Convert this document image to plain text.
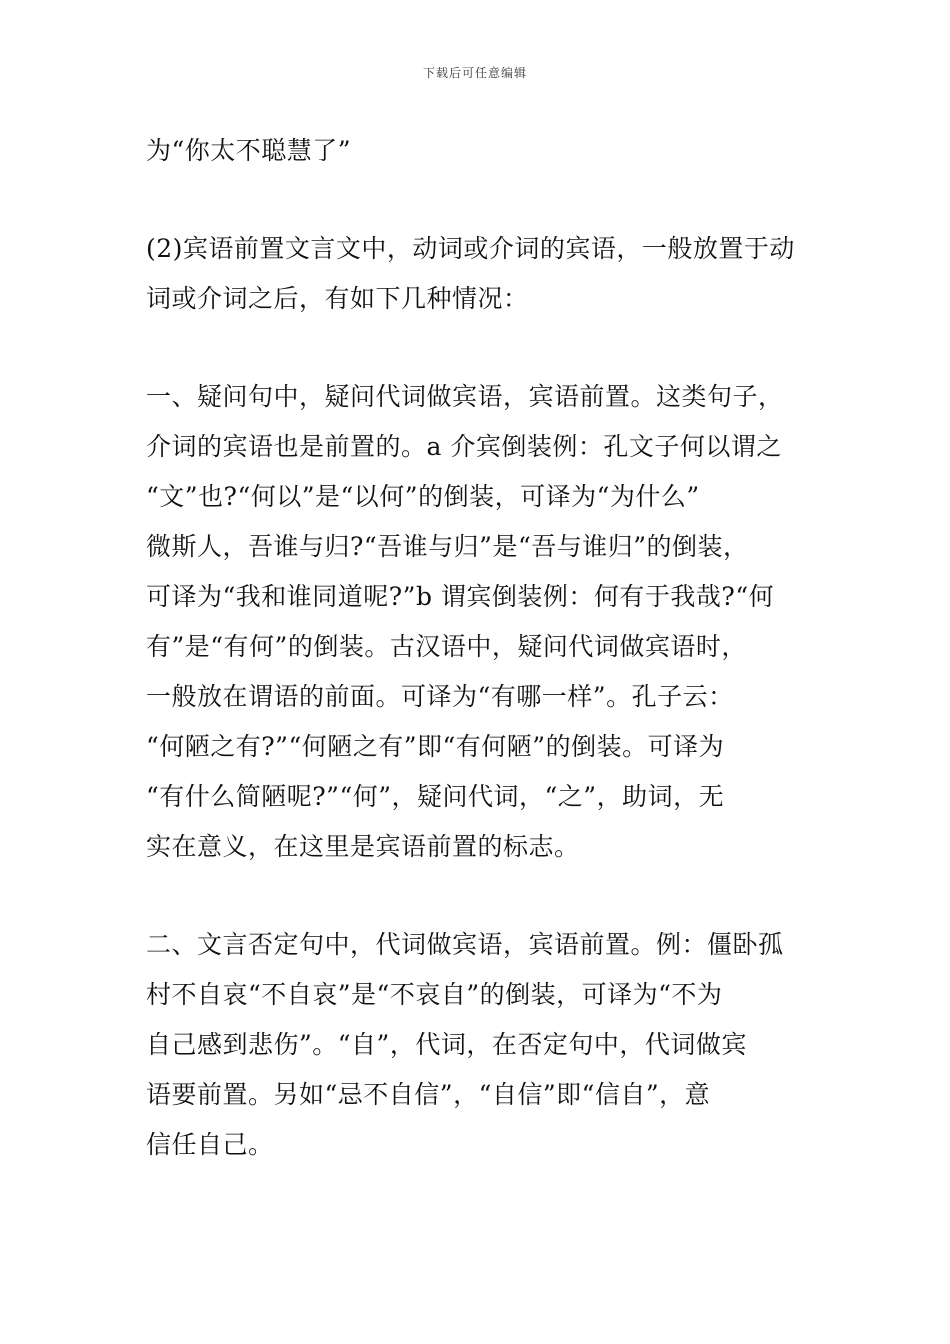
下载后可任意编辑
为“你太不聪慧了”
(2)宾语前置文言文中，动词或介词的宾语，一般放置于动
词或介词之后，有如下几种情况：
一、疑问句中，疑问代词做宾语，宾语前置。这类句子，
介词的宾语也是前置的。a 介宾倒装例：孔文子何以谓之
“文”也?“何以”是“以何”的倒装，可译为“为什么”
微斯人，吾谁与归?“吾谁与归”是“吾与谁归”的倒装，
可译为“我和谁同道呢?”b 谓宾倒装例：何有于我哉?“何
有”是“有何”的倒装。古汉语中，疑问代词做宾语时，
一般放在谓语的前面。可译为“有哪一样”。孔子云：
“何陋之有?”“何陋之有”即“有何陋”的倒装。可译为
“有什么简陋呢?”“何”，疑问代词，“之”，助词，无
实在意义，在这里是宾语前置的标志。
二、文言否定句中，代词做宾语，宾语前置。例：僵卧孤
村不自哀“不自哀”是“不哀自”的倒装，可译为“不为
自己感到悲伤”。“自”，代词，在否定句中，代词做宾
语要前置。另如“忌不自信”，“自信”即“信自”，意
信任自己。
